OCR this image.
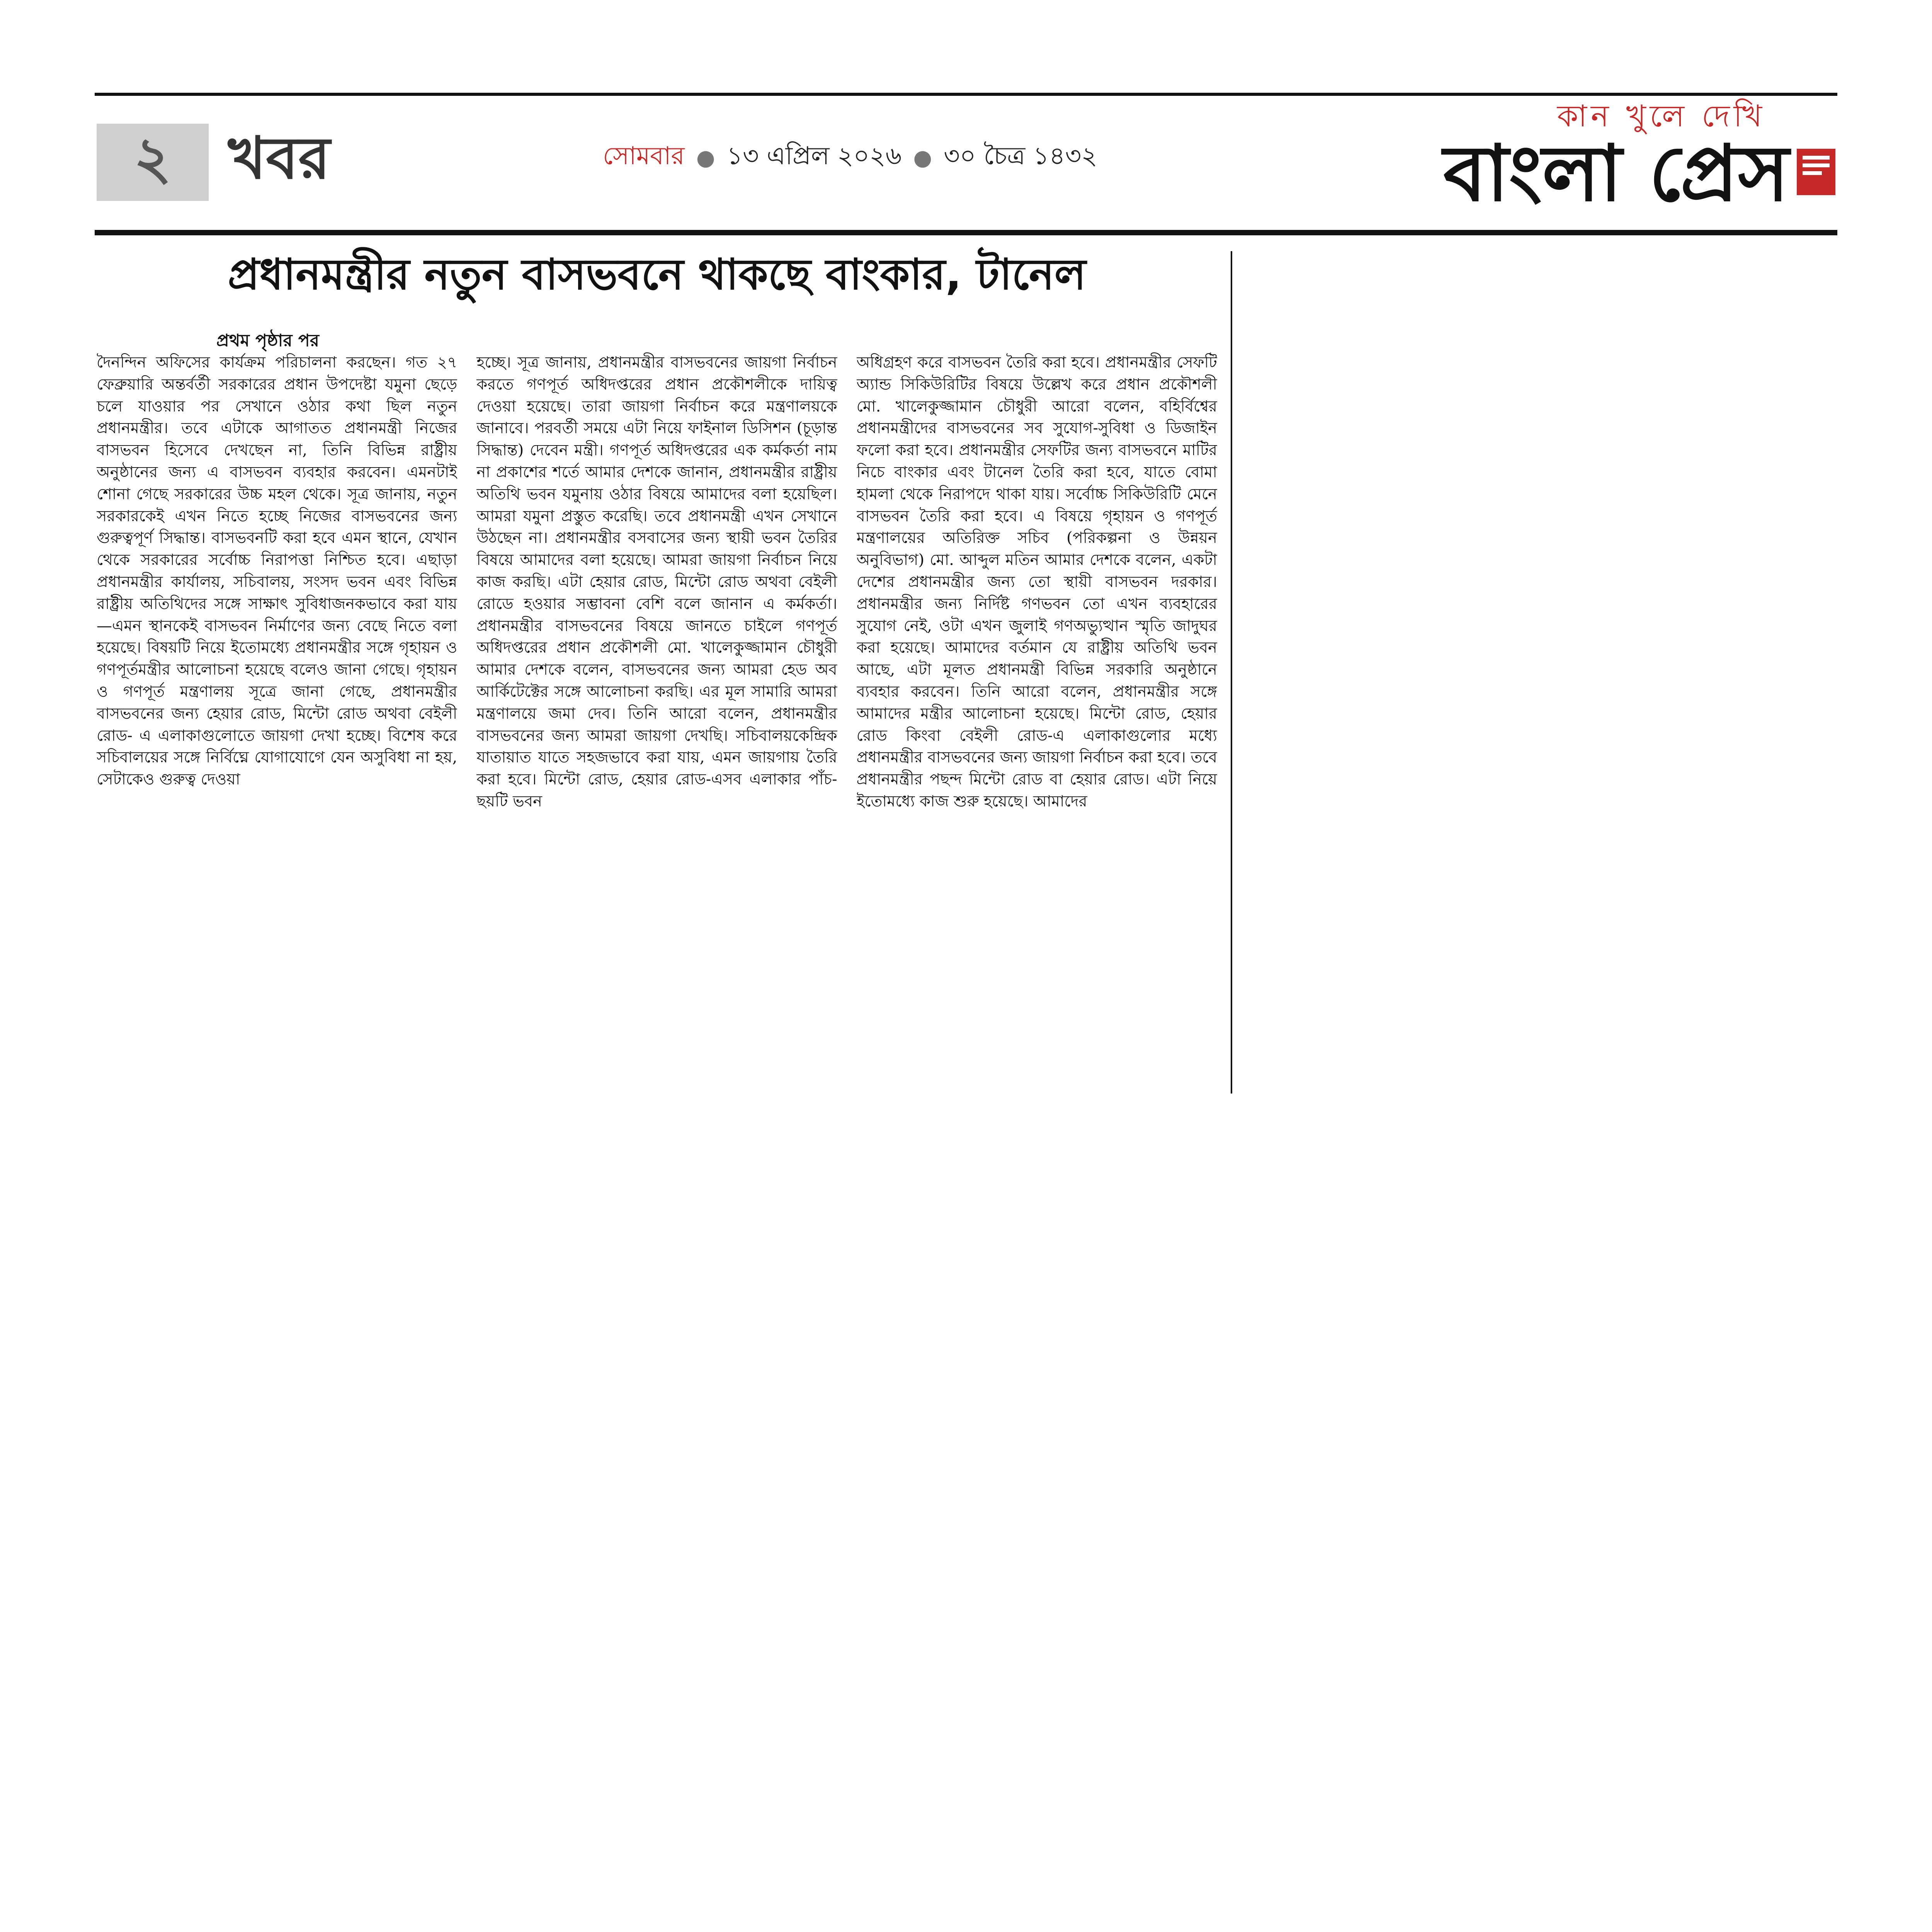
২ খবর	সোমবার ● ১৩ এপ্রিল ২০২৬ ● ৩০ চৈত্র ১৪৩২
কান খুলে দেখি
বাংলা প্রেস
প্রধানমন্ত্রীর নতুন বাসভবনে থাকছে বাংকার, টানেল
প্রথম পৃষ্ঠার পর
দৈনন্দিন অফিসের কার্যক্রম পরিচালনা করছেন। গত ২৭ ফেব্রুয়ারি অন্তর্বর্তী সরকারের প্রধান উপদেষ্টা যমুনা ছেড়ে চলে যাওয়ার পর সেখানে ওঠার কথা ছিল নতুন প্রধানমন্ত্রীর। তবে এটাকে আগাতত প্রধানমন্ত্রী নিজের বাসভবন হিসেবে দেখছেন না, তিনি বিভিন্ন রাষ্ট্রীয় অনুষ্ঠানের জন্য এ বাসভবন ব্যবহার করবেন। এমনটাই শোনা গেছে সরকারের উচ্চ মহল থেকে। সূত্র জানায়, নতুন সরকারকেই এখন নিতে হচ্ছে নিজের বাসভবনের জন্য গুরুত্বপূর্ণ সিদ্ধান্ত। বাসভবনটি করা হবে এমন স্থানে, যেখান থেকে সরকারের সর্বোচ্চ নিরাপত্তা নিশ্চিত হবে। এছাড়া প্রধানমন্ত্রীর কার্যালয়, সচিবালয়, সংসদ ভবন এবং বিভিন্ন রাষ্ট্রীয় অতিথিদের সঙ্গে সাক্ষাৎ সুবিধাজনকভাবে করা যায়—এমন স্থানকেই বাসভবন নির্মাণের জন্য বেছে নিতে বলা হয়েছে। বিষয়টি নিয়ে ইতোমধ্যে প্রধানমন্ত্রীর সঙ্গে গৃহায়ন ও গণপূর্তমন্ত্রীর আলোচনা হয়েছে বলেও জানা গেছে। গৃহায়ন ও গণপূর্ত মন্ত্রণালয় সূত্রে জানা গেছে, প্রধানমন্ত্রীর বাসভবনের জন্য হেয়ার রোড, মিন্টো রোড অথবা বেইলী রোড- এ এলাকাগুলোতে জায়গা দেখা হচ্ছে। বিশেষ করে সচিবালয়ের সঙ্গে নির্বিঘ্নে যোগাযোগে যেন অসুবিধা না হয়, সেটাকেও গুরুত্ব দেওয়া
হচ্ছে। সূত্র জানায়, প্রধানমন্ত্রীর বাসভবনের জায়গা নির্বাচন করতে গণপূর্ত অধিদপ্তরের প্রধান প্রকৌশলীকে দায়িত্ব দেওয়া হয়েছে। তারা জায়গা নির্বাচন করে মন্ত্রণালয়কে জানাবে। পরবর্তী সময়ে এটা নিয়ে ফাইনাল ডিসিশন (চূড়ান্ত সিদ্ধান্ত) দেবেন মন্ত্রী। গণপূর্ত অধিদপ্তরের এক কর্মকর্তা নাম না প্রকাশের শর্তে আমার দেশকে জানান, প্রধানমন্ত্রীর রাষ্ট্রীয় অতিথি ভবন যমুনায় ওঠার বিষয়ে আমাদের বলা হয়েছিল। আমরা যমুনা প্রস্তুত করেছি। তবে প্রধানমন্ত্রী এখন সেখানে উঠছেন না। প্রধানমন্ত্রীর বসবাসের জন্য স্থায়ী ভবন তৈরির বিষয়ে আমাদের বলা হয়েছে। আমরা জায়গা নির্বাচন নিয়ে কাজ করছি। এটা হেয়ার রোড, মিন্টো রোড অথবা বেইলী রোডে হওয়ার সম্ভাবনা বেশি বলে জানান এ কর্মকর্তা। প্রধানমন্ত্রীর বাসভবনের বিষয়ে জানতে চাইলে গণপূর্ত অধিদপ্তরের প্রধান প্রকৌশলী মো. খালেকুজ্জামান চৌধুরী আমার দেশকে বলেন, বাসভবনের জন্য আমরা হেড অব আর্কিটেক্টের সঙ্গে আলোচনা করছি। এর মূল সামারি আমরা মন্ত্রণালয়ে জমা দেব। তিনি আরো বলেন, প্রধানমন্ত্রীর বাসভবনের জন্য আমরা জায়গা দেখছি। সচিবালয়কেন্দ্রিক যাতায়াত যাতে সহজভাবে করা যায়, এমন জায়গায় তৈরি করা হবে। মিন্টো রোড, হেয়ার রোড-এসব এলাকার পাঁচ-ছয়টি ভবন
অধিগ্রহণ করে বাসভবন তৈরি করা হবে। প্রধানমন্ত্রীর সেফটি অ্যান্ড সিকিউরিটির বিষয়ে উল্লেখ করে প্রধান প্রকৌশলী মো. খালেকুজ্জামান চৌধুরী আরো বলেন, বহির্বিশ্বের প্রধানমন্ত্রীদের বাসভবনের সব সুযোগ-সুবিধা ও ডিজাইন ফলো করা হবে। প্রধানমন্ত্রীর সেফটির জন্য বাসভবনে মাটির নিচে বাংকার এবং টানেল তৈরি করা হবে, যাতে বোমা হামলা থেকে নিরাপদে থাকা যায়। সর্বোচ্চ সিকিউরিটি মেনে বাসভবন তৈরি করা হবে। এ বিষয়ে গৃহায়ন ও গণপূর্ত মন্ত্রণালয়ের অতিরিক্ত সচিব (পরিকল্পনা ও উন্নয়ন অনুবিভাগ) মো. আব্দুল মতিন আমার দেশকে বলেন, একটা দেশের প্রধানমন্ত্রীর জন্য তো স্থায়ী বাসভবন দরকার। প্রধানমন্ত্রীর জন্য নির্দিষ্ট গণভবন তো এখন ব্যবহারের সুযোগ নেই, ওটা এখন জুলাই গণঅভ্যুত্থান স্মৃতি জাদুঘর করা হয়েছে। আমাদের বর্তমান যে রাষ্ট্রীয় অতিথি ভবন আছে, এটা মূলত প্রধানমন্ত্রী বিভিন্ন সরকারি অনুষ্ঠানে ব্যবহার করবেন। তিনি আরো বলেন, প্রধানমন্ত্রীর সঙ্গে আমাদের মন্ত্রীর আলোচনা হয়েছে। মিন্টো রোড, হেয়ার রোড কিংবা বেইলী রোড-এ এলাকাগুলোর মধ্যে প্রধানমন্ত্রীর বাসভবনের জন্য জায়গা নির্বাচন করা হবে। তবে প্রধানমন্ত্রীর পছন্দ মিন্টো রোড বা হেয়ার রোড। এটা নিয়ে ইতোমধ্যে কাজ শুরু হয়েছে। আমাদের
